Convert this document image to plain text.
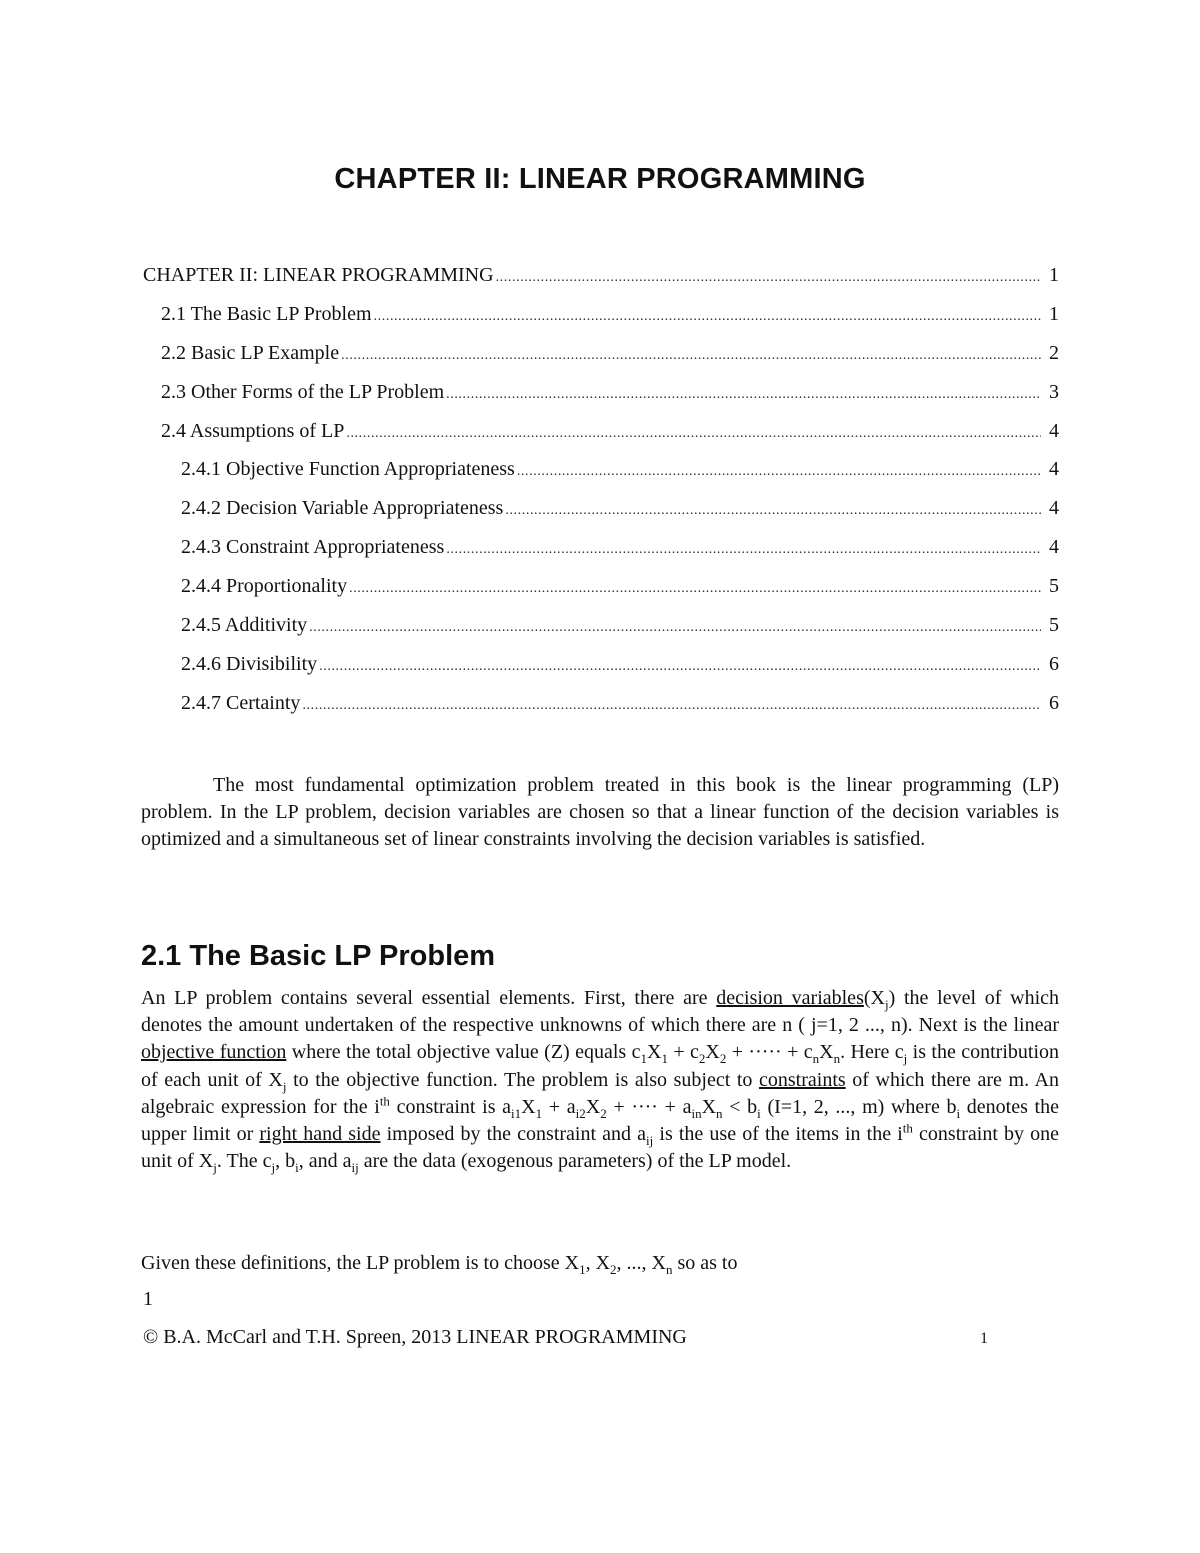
CHAPTER II: LINEAR PROGRAMMING
CHAPTER II: LINEAR PROGRAMMING .....	1
2.1 The Basic LP Problem .....	1
2.2 Basic LP Example .....	2
2.3 Other Forms of the LP Problem .....	3
2.4 Assumptions of LP .....	4
2.4.1 Objective Function Appropriateness .....	4
2.4.2 Decision Variable Appropriateness .....	4
2.4.3 Constraint Appropriateness .....	4
2.4.4 Proportionality .....	5
2.4.5 Additivity .....	5
2.4.6 Divisibility .....	6
2.4.7 Certainty .....	6
The most fundamental optimization problem treated in this book is the linear programming (LP) problem. In the LP problem, decision variables are chosen so that a linear function of the decision variables is optimized and a simultaneous set of linear constraints involving the decision variables is satisfied.
2.1 The Basic LP Problem
An LP problem contains several essential elements. First, there are decision $variables(X_j)$ the level of which denotes the amount undertaken of the respective unknowns of which there are n ( j=1, 2 ..., n). Next is the linear objective function where the total objective value (Z) equals $c_1X_1 + c_2X_2$ + ····· + $c_nX_n$. Here $c_j$ is the contribution of each unit of $X_j$ to the objective function. The problem is also subject to constraints of which there are m. An algebraic expression for the $i^{th}$ constraint is $a_{i1}X_1 + a_{i2}X_2$ + ···· + $a_{in}X_n < b_i$ (I=1, 2, ..., m) where $b_i$ denotes the upper limit or right hand side imposed by the constraint and $a_{ij}$ is the use of the items in the $i^{th}$ constraint by one unit of $X_j$. The $c_j$, $b_i$, and $a_{ij}$ are the data (exogenous parameters) of the LP model.
Given these definitions, the LP problem is to choose $X_1$, $X_2$, ..., $X_n$ so as to
1
© B.A. McCarl and T.H. Spreen, 2013 LINEAR PROGRAMMING	1
